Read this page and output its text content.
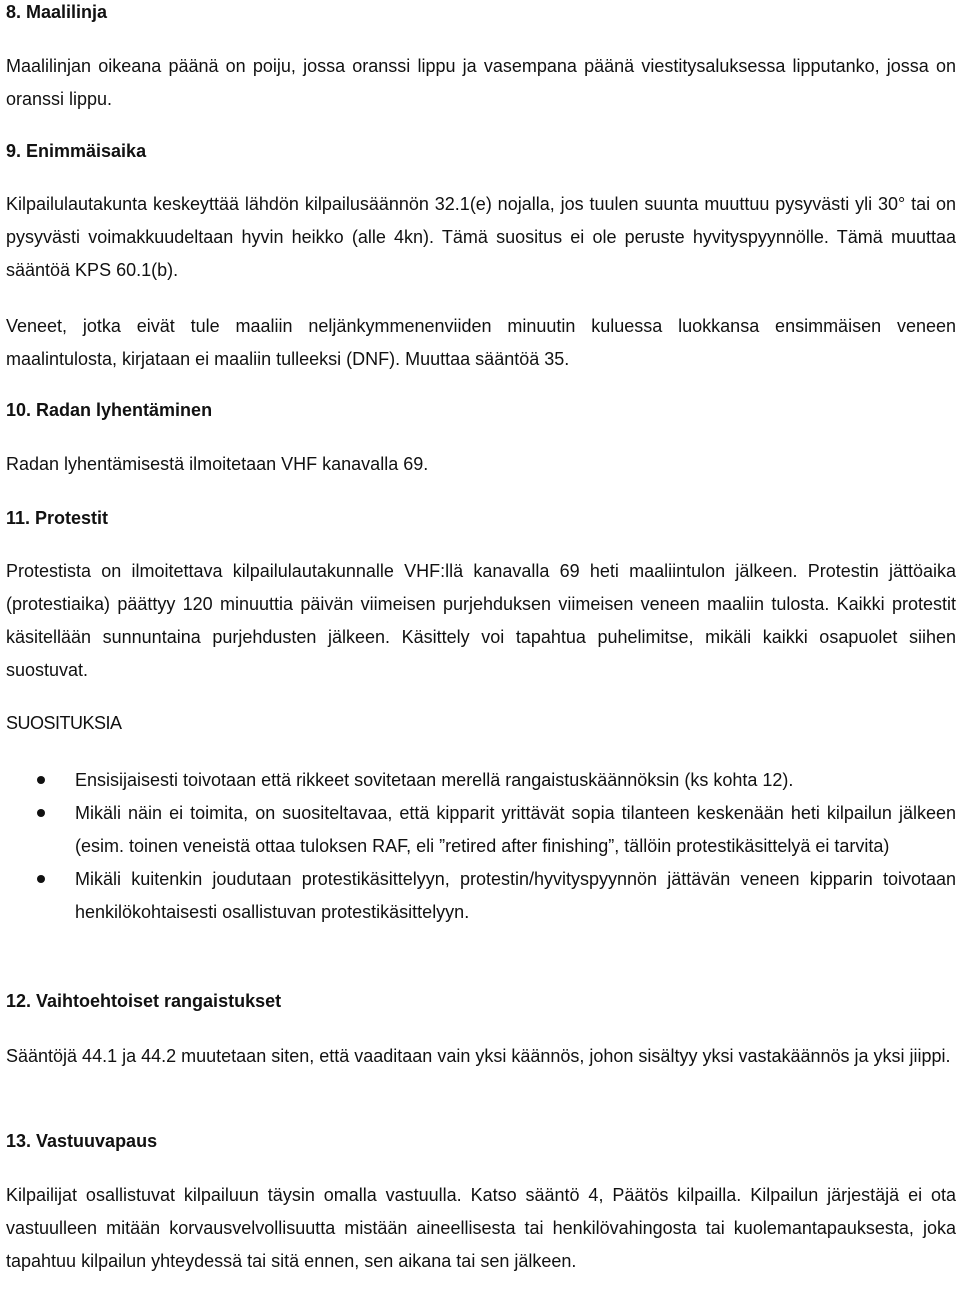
8. Maalilinja

Maalilinjan oikeana päänä on poiju, jossa oranssi lippu ja vasempana päänä viestitysaluksessa lipputanko, jossa on oranssi lippu.

9. Enimmäisaika

Kilpailulautakunta keskeyttää lähdön kilpailusäännön 32.1(e) nojalla, jos tuulen suunta muuttuu pysyvästi yli 30° tai on pysyvästi voimakkuudeltaan hyvin heikko (alle 4kn). Tämä suositus ei ole peruste hyvityspyynnölle. Tämä muuttaa sääntöä KPS 60.1(b).

Veneet, jotka eivät tule maaliin neljänkymmenenviiden minuutin kuluessa luokkansa ensimmäisen veneen maalintulosta, kirjataan ei maaliin tulleeksi (DNF). Muuttaa sääntöä 35.

10. Radan lyhentäminen

Radan lyhentämisestä ilmoitetaan VHF kanavalla 69.

11. Protestit

Protestista on ilmoitettava kilpailulautakunnalle VHF:llä kanavalla 69 heti maaliintulon jälkeen. Protestin jättöaika (protestiaika) päättyy 120 minuuttia päivän viimeisen purjehduksen viimeisen veneen maaliin tulosta. Kaikki protestit käsitellään sunnuntaina purjehdusten jälkeen. Käsittely voi tapahtua puhelimitse, mikäli kaikki osapuolet siihen suostuvat.

SUOSITUKSIA
Ensisijaisesti toivotaan että rikkeet sovitetaan merellä rangaistuskäännöksin (ks kohta 12).
Mikäli näin ei toimita, on suositeltavaa, että kipparit yrittävät sopia tilanteen keskenään heti kilpailun jälkeen (esim. toinen veneistä ottaa tuloksen RAF, eli ”retired after finishing”, tällöin protestikäsittelyä ei tarvita)
Mikäli kuitenkin joudutaan protestikäsittelyyn, protestin/hyvityspyynnön jättävän veneen kipparin toivotaan henkilökohtaisesti osallistuvan protestikäsittelyyn.
12. Vaihtoehtoiset rangaistukset

Sääntöjä 44.1 ja 44.2 muutetaan siten, että vaaditaan vain yksi käännös, johon sisältyy yksi vastakäännös ja yksi jiippi.

13. Vastuuvapaus

Kilpailijat osallistuvat kilpailuun täysin omalla vastuulla. Katso sääntö 4, Päätös kilpailla. Kilpailun järjestäjä ei ota vastuulleen mitään korvausvelvollisuutta mistään aineellisesta tai henkilövahingosta tai kuolemantapauksesta, joka tapahtuu kilpailun yhteydessä tai sitä ennen, sen aikana tai sen jälkeen.
